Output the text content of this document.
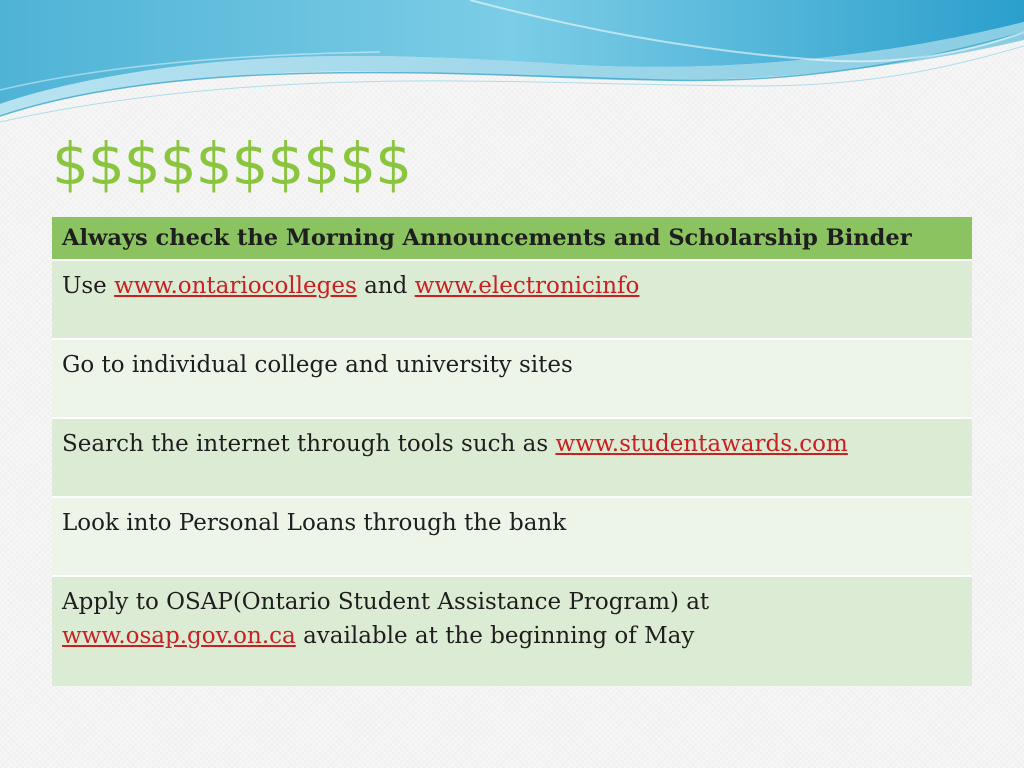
$$$$$$$$$$
Always check the Morning Announcements and Scholarship Binder
Use www.ontariocolleges and www.electronicinfo
Go to individual college and university sites
Search the internet through tools such as www.studentawards.com
Look into Personal Loans through the bank
Apply to OSAP(Ontario Student Assistance Program) at
www.osap.gov.on.ca available at the beginning of May
